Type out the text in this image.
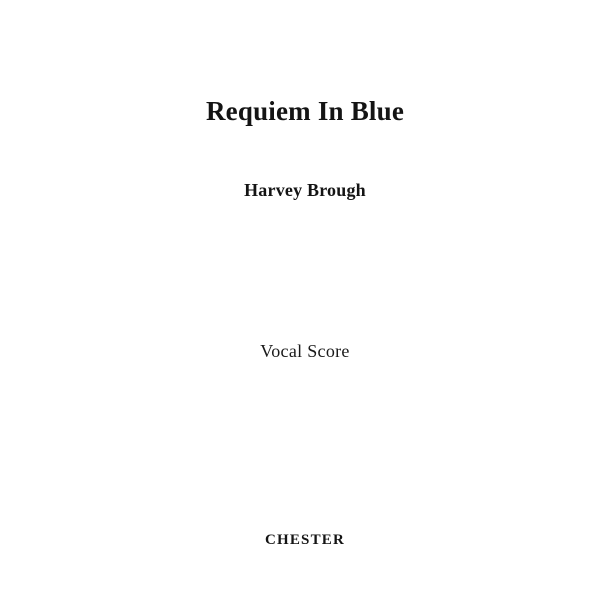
Requiem In Blue
Harvey Brough
Vocal Score
CHESTER
